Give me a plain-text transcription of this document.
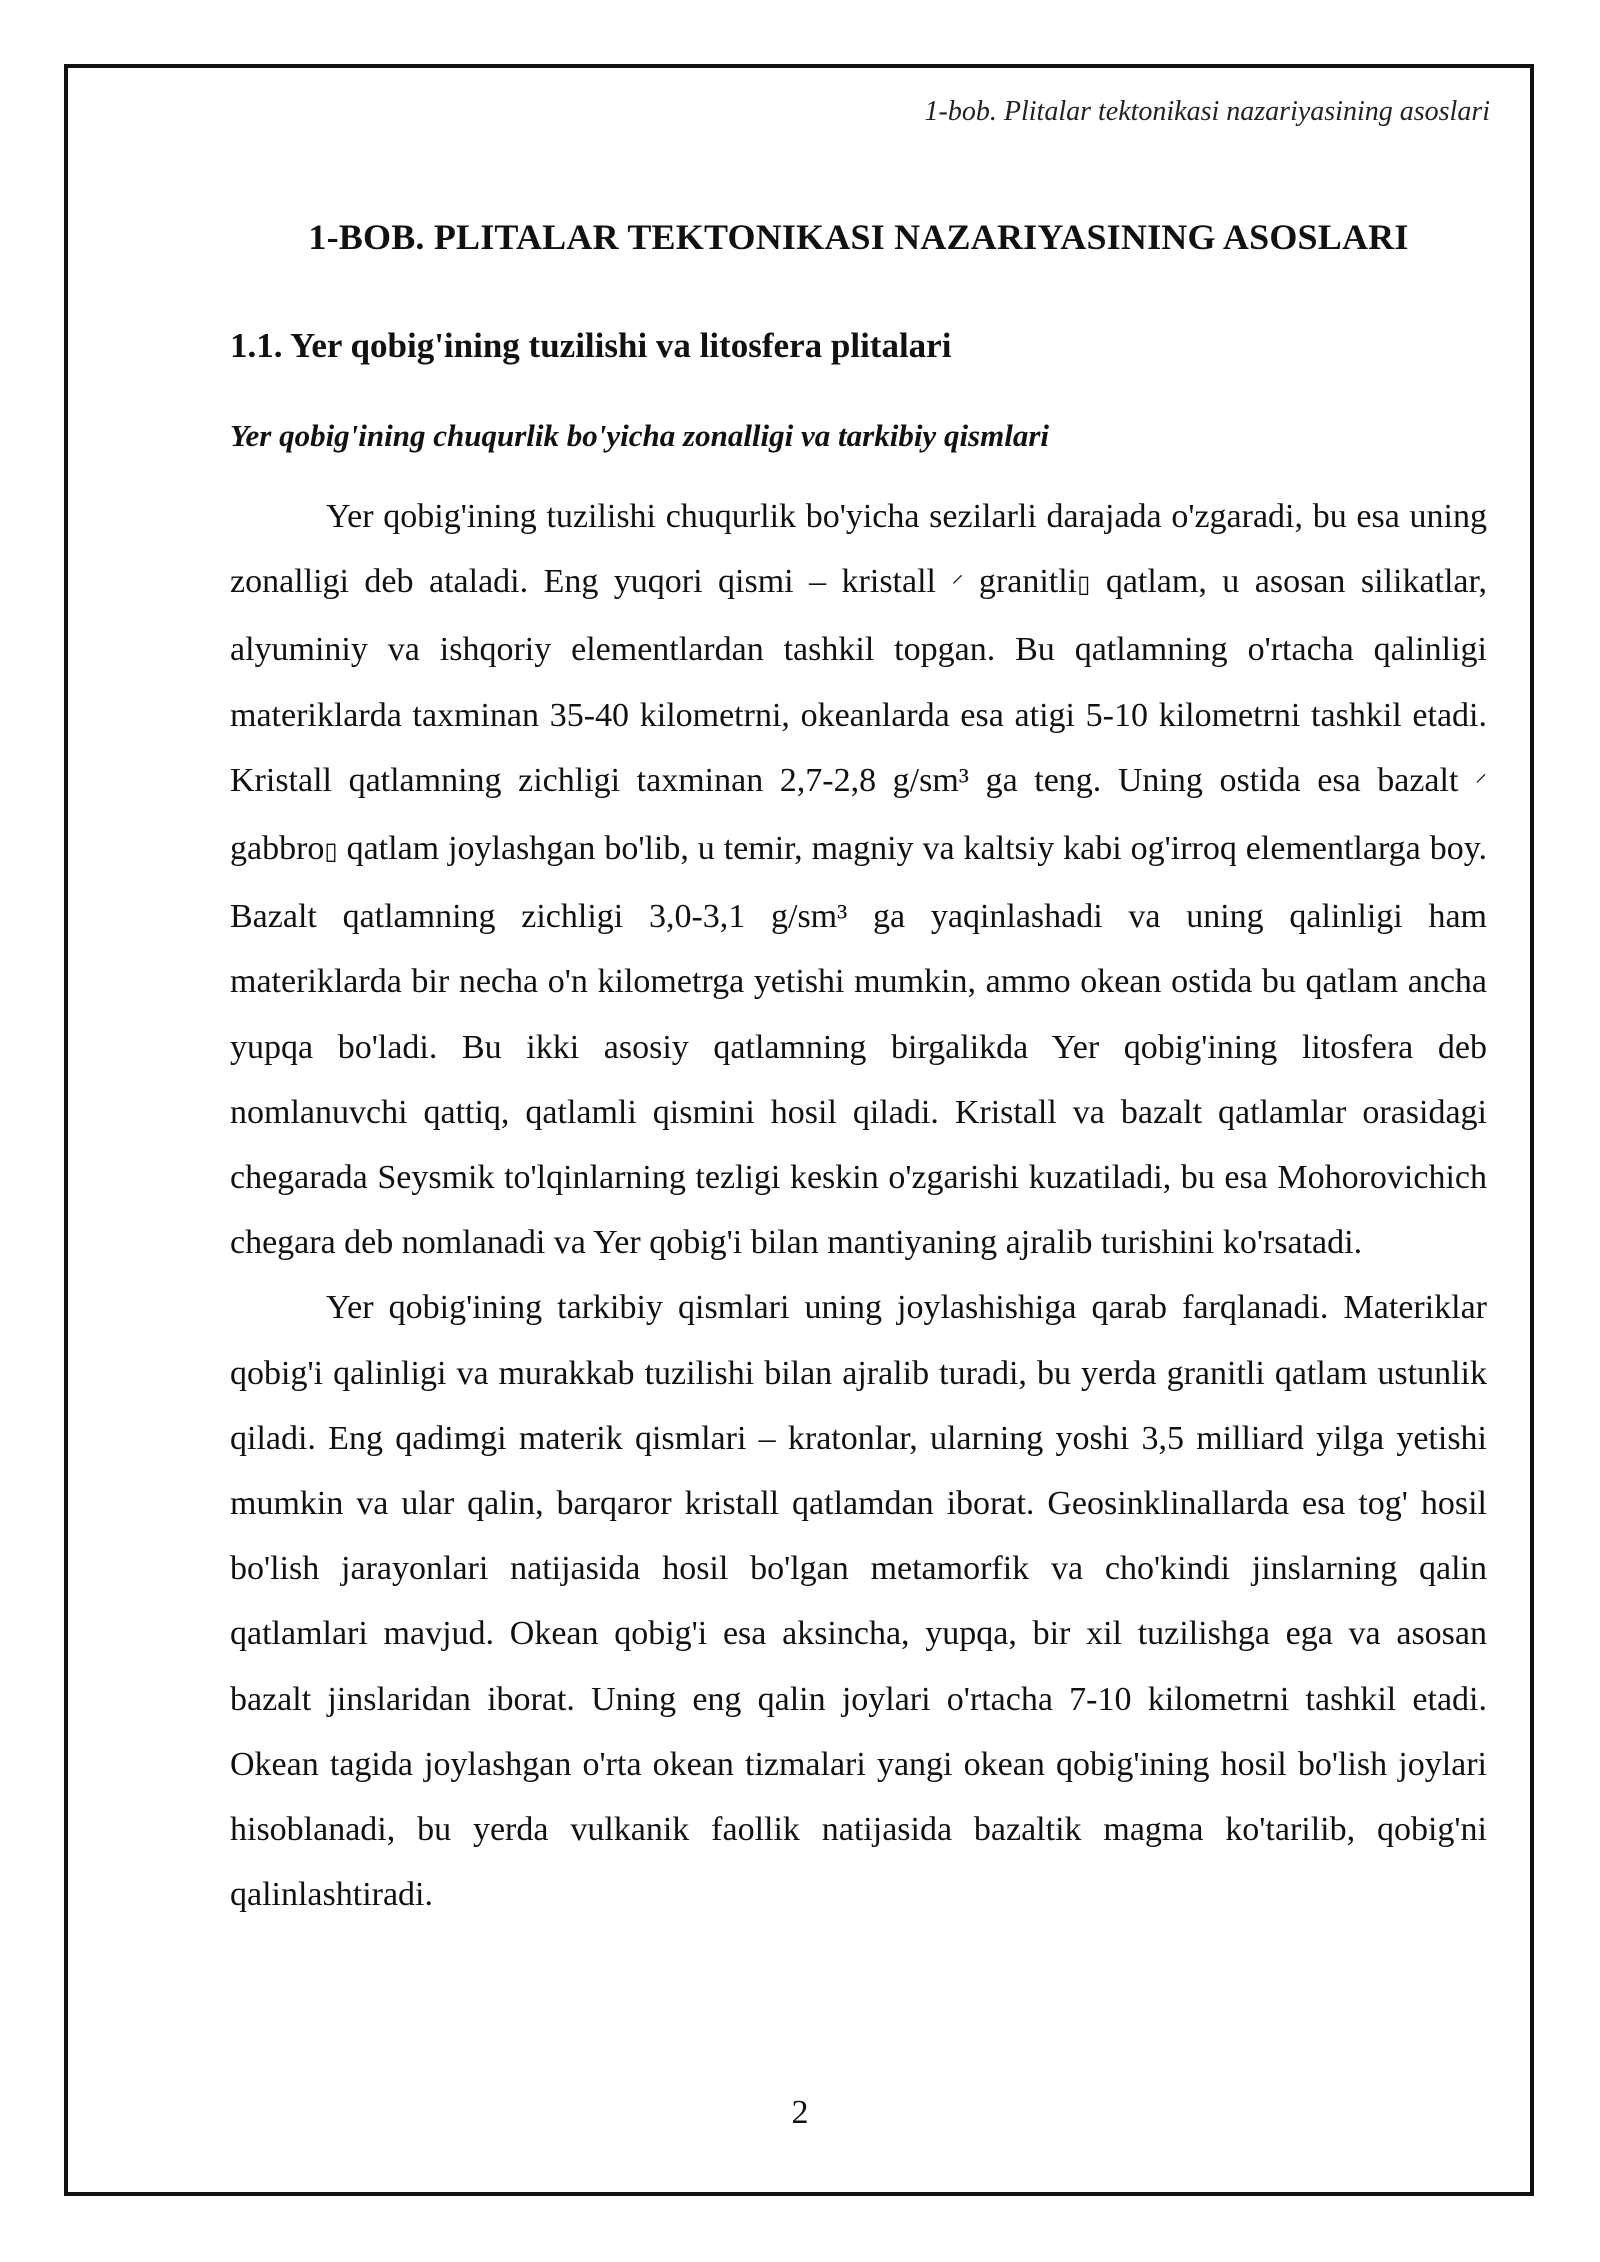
1-bob. Plitalar tektonikasi nazariyasining asoslari
1-BOB. PLITALAR TEKTONIKASI NAZARIYASINING ASOSLARI
1.1. Yer qobig'ining tuzilishi va litosfera plitalari
Yer qobig'ining chuqurlik bo'yicha zonalligi va tarkibiy qismlari

Yer qobig'ining tuzilishi chuqurlik bo'yicha sezilarli darajada o'zgaradi, bu esa uning zonalligi deb ataladi. Eng yuqori qismi – kristall ⸍ granitli▯ qatlam, u asosan silikatlar, alyuminiy va ishqoriy elementlardan tashkil topgan. Bu qatlamning o'rtacha qalinligi materiklarda taxminan 35-40 kilometrni, okeanlarda esa atigi 5-10 kilometrni tashkil etadi. Kristall qatlamning zichligi taxminan 2,7-2,8 g/sm³ ga teng. Uning ostida esa bazalt ⸍ gabbro▯ qatlam joylashgan bo'lib, u temir, magniy va kaltsiy kabi og'irroq elementlarga boy. Bazalt qatlamning zichligi 3,0-3,1 g/sm³ ga yaqinlashadi va uning qalinligi ham materiklarda bir necha o'n kilometrga yetishi mumkin, ammo okean ostida bu qatlam ancha yupqa bo'ladi. Bu ikki asosiy qatlamning birgalikda Yer qobig'ining litosfera deb nomlanuvchi qattiq, qatlamli qismini hosil qiladi. Kristall va bazalt qatlamlar orasidagi chegarada Seysmik to'lqinlarning tezligi keskin o'zgarishi kuzatiladi, bu esa Mohorovichich chegara deb nomlanadi va Yer qobig'i bilan mantiyaning ajralib turishini ko'rsatadi.

Yer qobig'ining tarkibiy qismlari uning joylashishiga qarab farqlanadi. Materiklar qobig'i qalinligi va murakkab tuzilishi bilan ajralib turadi, bu yerda granitli qatlam ustunlik qiladi. Eng qadimgi materik qismlari – kratonlar, ularning yoshi 3,5 milliard yilga yetishi mumkin va ular qalin, barqaror kristall qatlamdan iborat. Geosinklinallarda esa tog' hosil bo'lish jarayonlari natijasida hosil bo'lgan metamorfik va cho'kindi jinslarning qalin qatlamlari mavjud. Okean qobig'i esa aksincha, yupqa, bir xil tuzilishga ega va asosan bazalt jinslaridan iborat. Uning eng qalin joylari o'rtacha 7-10 kilometrni tashkil etadi. Okean tagida joylashgan o'rta okean tizmalari yangi okean qobig'ining hosil bo'lish joylari hisoblanadi, bu yerda vulkanik faollik natijasida bazaltik magma ko'tarilib, qobig'ni qalinlashtiradi.

2
